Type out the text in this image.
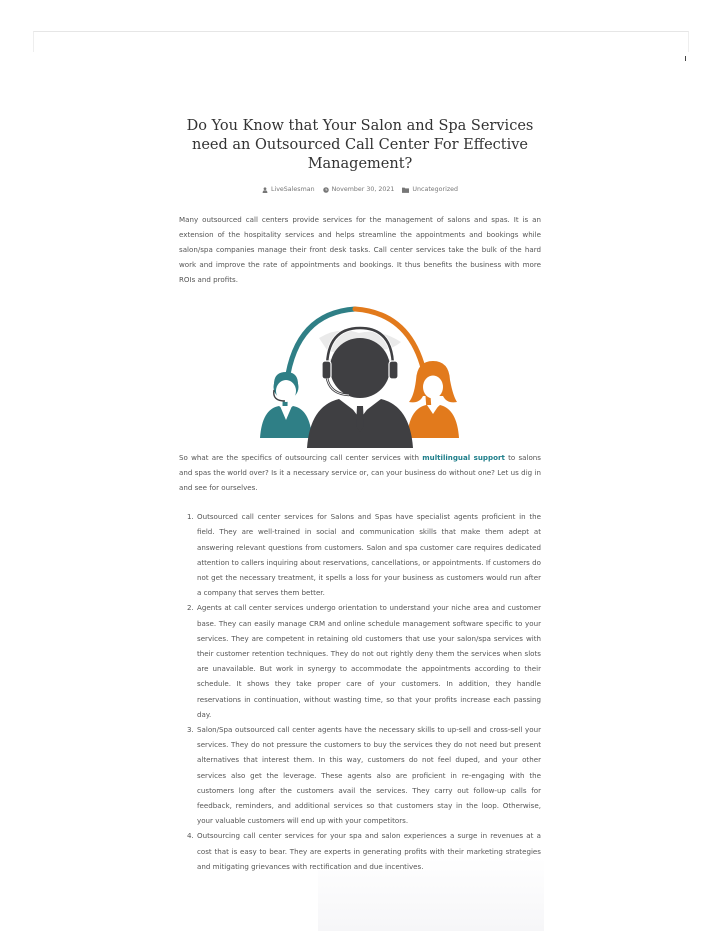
Do You Know that Your Salon and Spa Services need an Outsourced Call Center For Effective Management?
LiveSalesman
	November 30, 2021
	Uncategorized

Many outsourced call centers provide services for the management of salons and spas. It is an extension of the hospitality services and helps streamline the appointments and bookings while salon/spa companies manage their front desk tasks. Call center services take the bulk of the hard work and improve the rate of appointments and bookings. It thus benefits the business with more ROIs and profits.

So what are the specifics of outsourcing call center services with multilingual support to salons and spas the world over? Is it a necessary service or, can your business do without one? Let us dig in and see for ourselves.

1. Outsourced call center services for Salons and Spas have specialist agents proficient in the field. They are well-trained in social and communication skills that make them adept at answering relevant questions from customers. Salon and spa customer care requires dedicated attention to callers inquiring about reservations, cancellations, or appointments. If customers do not get the necessary treatment, it spells a loss for your business as customers would run after a company that serves them better.
2. Agents at call center services undergo orientation to understand your niche area and customer base. They can easily manage CRM and online schedule management software specific to your services. They are competent in retaining old customers that use your salon/spa services with their customer retention techniques. They do not out rightly deny them the services when slots are unavailable. But work in synergy to accommodate the appointments according to their schedule. It shows they take proper care of your customers. In addition, they handle reservations in continuation, without wasting time, so that your profits increase each passing day.
3. Salon/Spa outsourced call center agents have the necessary skills to up-sell and cross-sell your services. They do not pressure the customers to buy the services they do not need but present alternatives that interest them. In this way, customers do not feel duped, and your other services also get the leverage. These agents also are proficient in re-engaging with the customers long after the customers avail the services. They carry out follow-up calls for feedback, reminders, and additional services so that customers stay in the loop. Otherwise, your valuable customers will end up with your competitors.
4. Outsourcing call center services for your spa and salon experiences a surge in revenues at a cost that is easy to bear. They are experts in generating profits with their marketing strategies and mitigating grievances with rectification and due incentives.
